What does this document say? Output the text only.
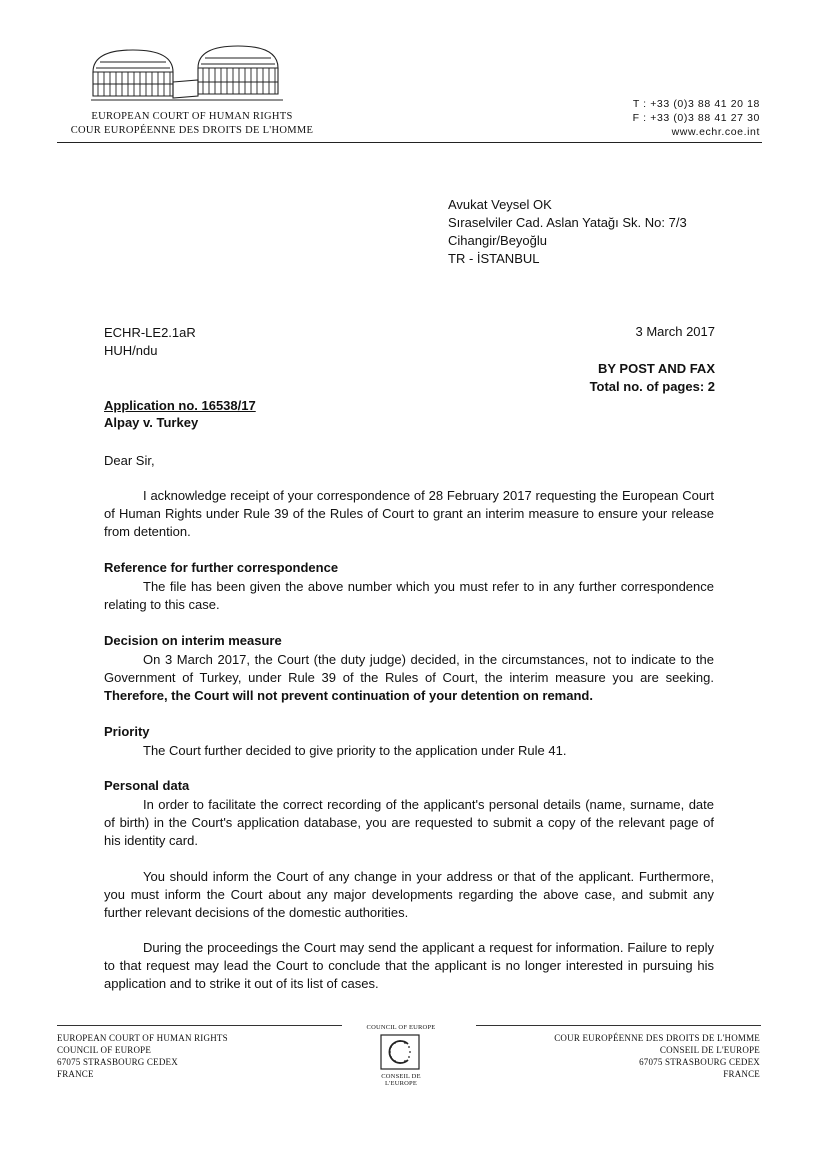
EUROPEAN COURT OF HUMAN RIGHTS
COUR EUROPÉENNE DES DROITS DE L'HOMME
T : +33 (0)3 88 41 20 18
F : +33 (0)3 88 41 27 30
www.echr.coe.int
Avukat Veysel OK
Sıraselviler Cad. Aslan Yatağı Sk. No: 7/3
Cihangir/Beyoğlu
TR - İSTANBUL
ECHR-LE2.1aR
HUH/ndu
3 March 2017
BY POST AND FAX
Total no. of pages: 2
Application no. 16538/17
Alpay v. Turkey
Dear Sir,
I acknowledge receipt of your correspondence of 28 February 2017 requesting the European Court of Human Rights under Rule 39 of the Rules of Court to grant an interim measure to ensure your release from detention.
Reference for further correspondence
The file has been given the above number which you must refer to in any further correspondence relating to this case.
Decision on interim measure
On 3 March 2017, the Court (the duty judge) decided, in the circumstances, not to indicate to the Government of Turkey, under Rule 39 of the Rules of Court, the interim measure you are seeking. Therefore, the Court will not prevent continuation of your detention on remand.
Priority
The Court further decided to give priority to the application under Rule 41.
Personal data
In order to facilitate the correct recording of the applicant's personal details (name, surname, date of birth) in the Court's application database, you are requested to submit a copy of the relevant page of his identity card.
You should inform the Court of any change in your address or that of the applicant. Furthermore, you must inform the Court about any major developments regarding the above case, and submit any further relevant decisions of the domestic authorities.
During the proceedings the Court may send the applicant a request for information. Failure to reply to that request may lead the Court to conclude that the applicant is no longer interested in pursuing his application and to strike it out of its list of cases.
EUROPEAN COURT OF HUMAN RIGHTS
COUNCIL OF EUROPE
67075 STRASBOURG CEDEX
FRANCE
COUR EUROPÉENNE DES DROITS DE L'HOMME
CONSEIL DE L'EUROPE
67075 STRASBOURG CEDEX
FRANCE
COUNCIL OF EUROPE
CONSEIL DE L'EUROPE
